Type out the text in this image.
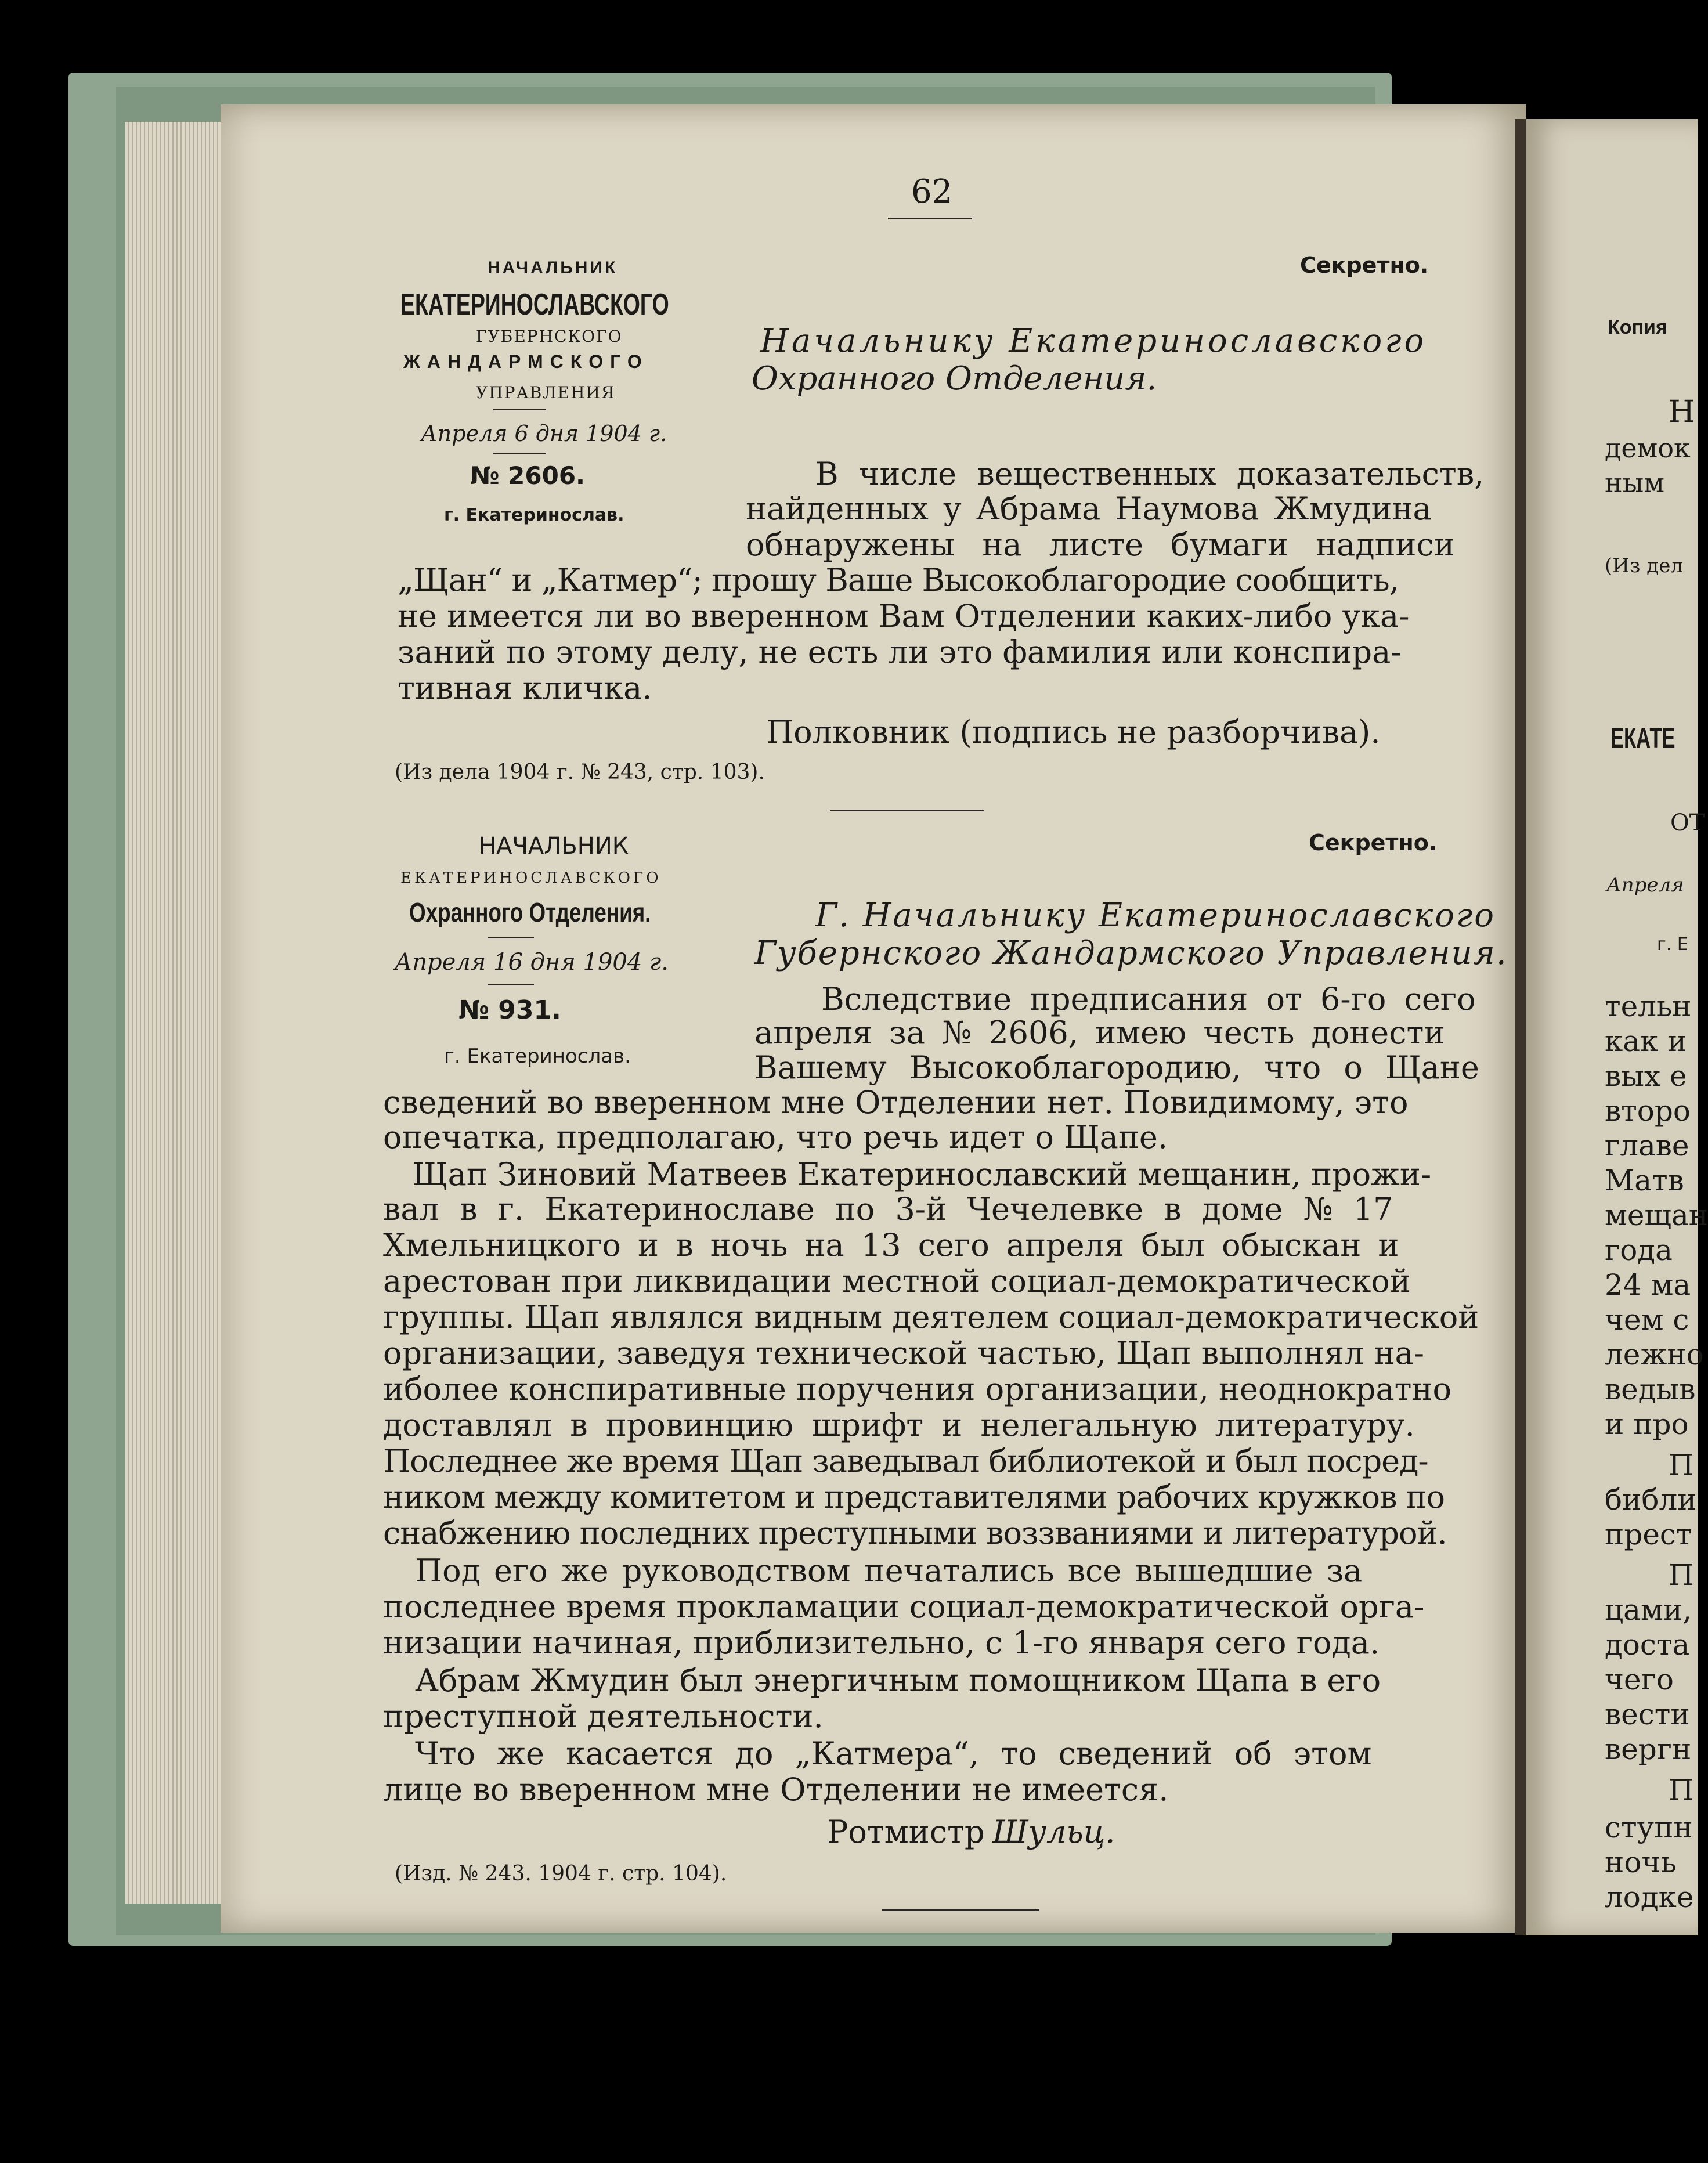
62
НАЧАЛЬНИК
ЕКАТЕРИНОСЛАВСКОГО
ГУБЕРНСКОГО
ЖАНДАРМСКОГО
УПРАВЛЕНИЯ
Апреля 6 дня 1904 г.
№ 2606.
г. Екатеринослав.
Секретно.
Начальнику Екатеринославского
Охранного Отделения.
В числе вещественных доказательств,
найденных у Абрама Наумова Жмудина
обнаружены на листе бумаги надписи
„Щан“ и „Катмер“; прошу Ваше Высокоблагородие сообщить,
не имеется ли во вверенном Вам Отделении каких-либо ука-
заний по этому делу, не есть ли это фамилия или конспира-
тивная кличка.
Полковник (подпись не разборчива).
(Из дела 1904 г. № 243, стр. 103).
НАЧАЛЬНИК
ЕКАТЕРИНОСЛАВСКОГО
Охранного Отделения.
Апреля 16 дня 1904 г.
№ 931.
г. Екатеринослав.
Секретно.
Г. Начальнику Екатеринославского
Губернского Жандармского Управления.
Вследствие предписания от 6-го сего
апреля за № 2606, имею честь донести
Вашему Высокоблагородию, что о Щане
сведений во вверенном мне Отделении нет. Повидимому, это
опечатка, предполагаю, что речь идет о Щапе.
Щап Зиновий Матвеев Екатеринославский мещанин, прожи-
вал в г. Екатеринославе по 3-й Чечелевке в доме № 17
Хмельницкого и в ночь на 13 сего апреля был обыскан и
арестован при ликвидации местной социал-демократической
группы. Щап являлся видным деятелем социал-демократической
организации, заведуя технической частью, Щап выполнял на-
иболее конспиративные поручения организации, неоднократно
доставлял в провинцию шрифт и нелегальную литературу.
Последнее же время Щап заведывал библиотекой и был посред-
ником между комитетом и представителями рабочих кружков по
снабжению последних преступными воззваниями и литературой.
Под его же руководством печатались все вышедшие за
последнее время прокламации социал-демократической орга-
низации начиная, приблизительно, с 1-го января сего года.
Абрам Жмудин был энергичным помощником Щапа в его
преступной деятельности.
Что же касается до „Катмера“, то сведений об этом
лице во вверенном мне Отделении не имеется.
Ротмистр Шульц.
(Изд. № 243. 1904 г. стр. 104).
Копия
Н
демок
ным
(Из дел
ЕКАТЕ
ОТ
Апреля
г. Е
тельн
как и
вых е
второ
главе
Матв
мещан
года
24 ма
чем с
лежно
ведыв
и про
П
библи
прест
П
цами,
доста
чего
вести
вергн
П
ступн
ночь
лодке
